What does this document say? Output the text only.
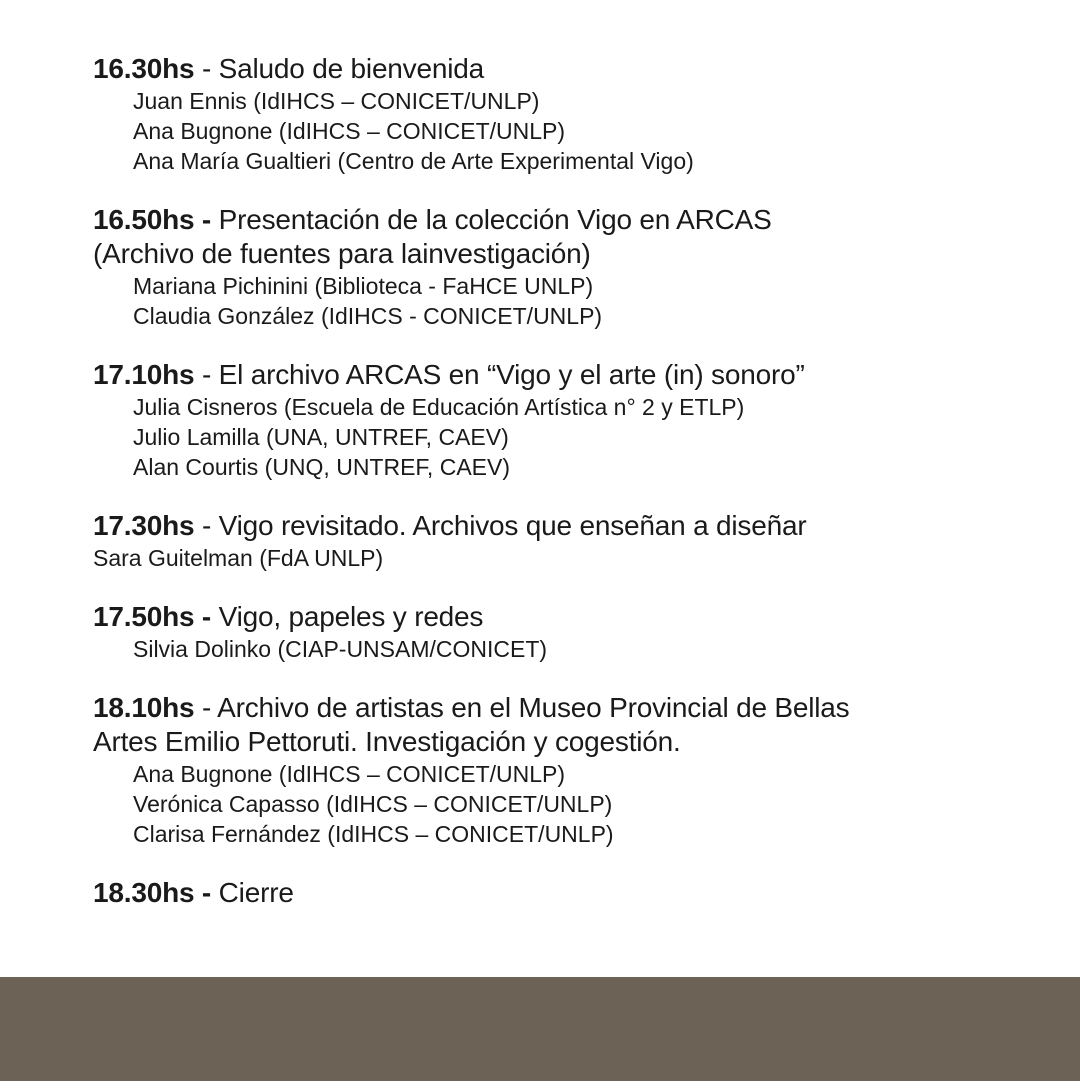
16.30hs - Saludo de bienvenida
Juan Ennis (IdIHCS – CONICET/UNLP)
Ana Bugnone (IdIHCS – CONICET/UNLP)
Ana María Gualtieri (Centro de Arte Experimental Vigo)
16.50hs - Presentación de la colección Vigo en ARCAS
(Archivo de fuentes para lainvestigación)
Mariana Pichinini (Biblioteca - FaHCE UNLP)
Claudia González (IdIHCS - CONICET/UNLP)
17.10hs - El archivo ARCAS en “Vigo y el arte (in) sonoro”
Julia Cisneros (Escuela de Educación Artística n° 2 y ETLP)
Julio Lamilla (UNA, UNTREF, CAEV)
Alan Courtis (UNQ, UNTREF, CAEV)
17.30hs - Vigo revisitado. Archivos que enseñan a diseñar
Sara Guitelman (FdA UNLP)
17.50hs - Vigo, papeles y redes
Silvia Dolinko (CIAP-UNSAM/CONICET)
18.10hs - Archivo de artistas en el Museo Provincial de Bellas
Artes Emilio Pettoruti. Investigación y cogestión.
Ana Bugnone (IdIHCS – CONICET/UNLP)
Verónica Capasso (IdIHCS – CONICET/UNLP)
Clarisa Fernández (IdIHCS – CONICET/UNLP)
18.30hs - Cierre
